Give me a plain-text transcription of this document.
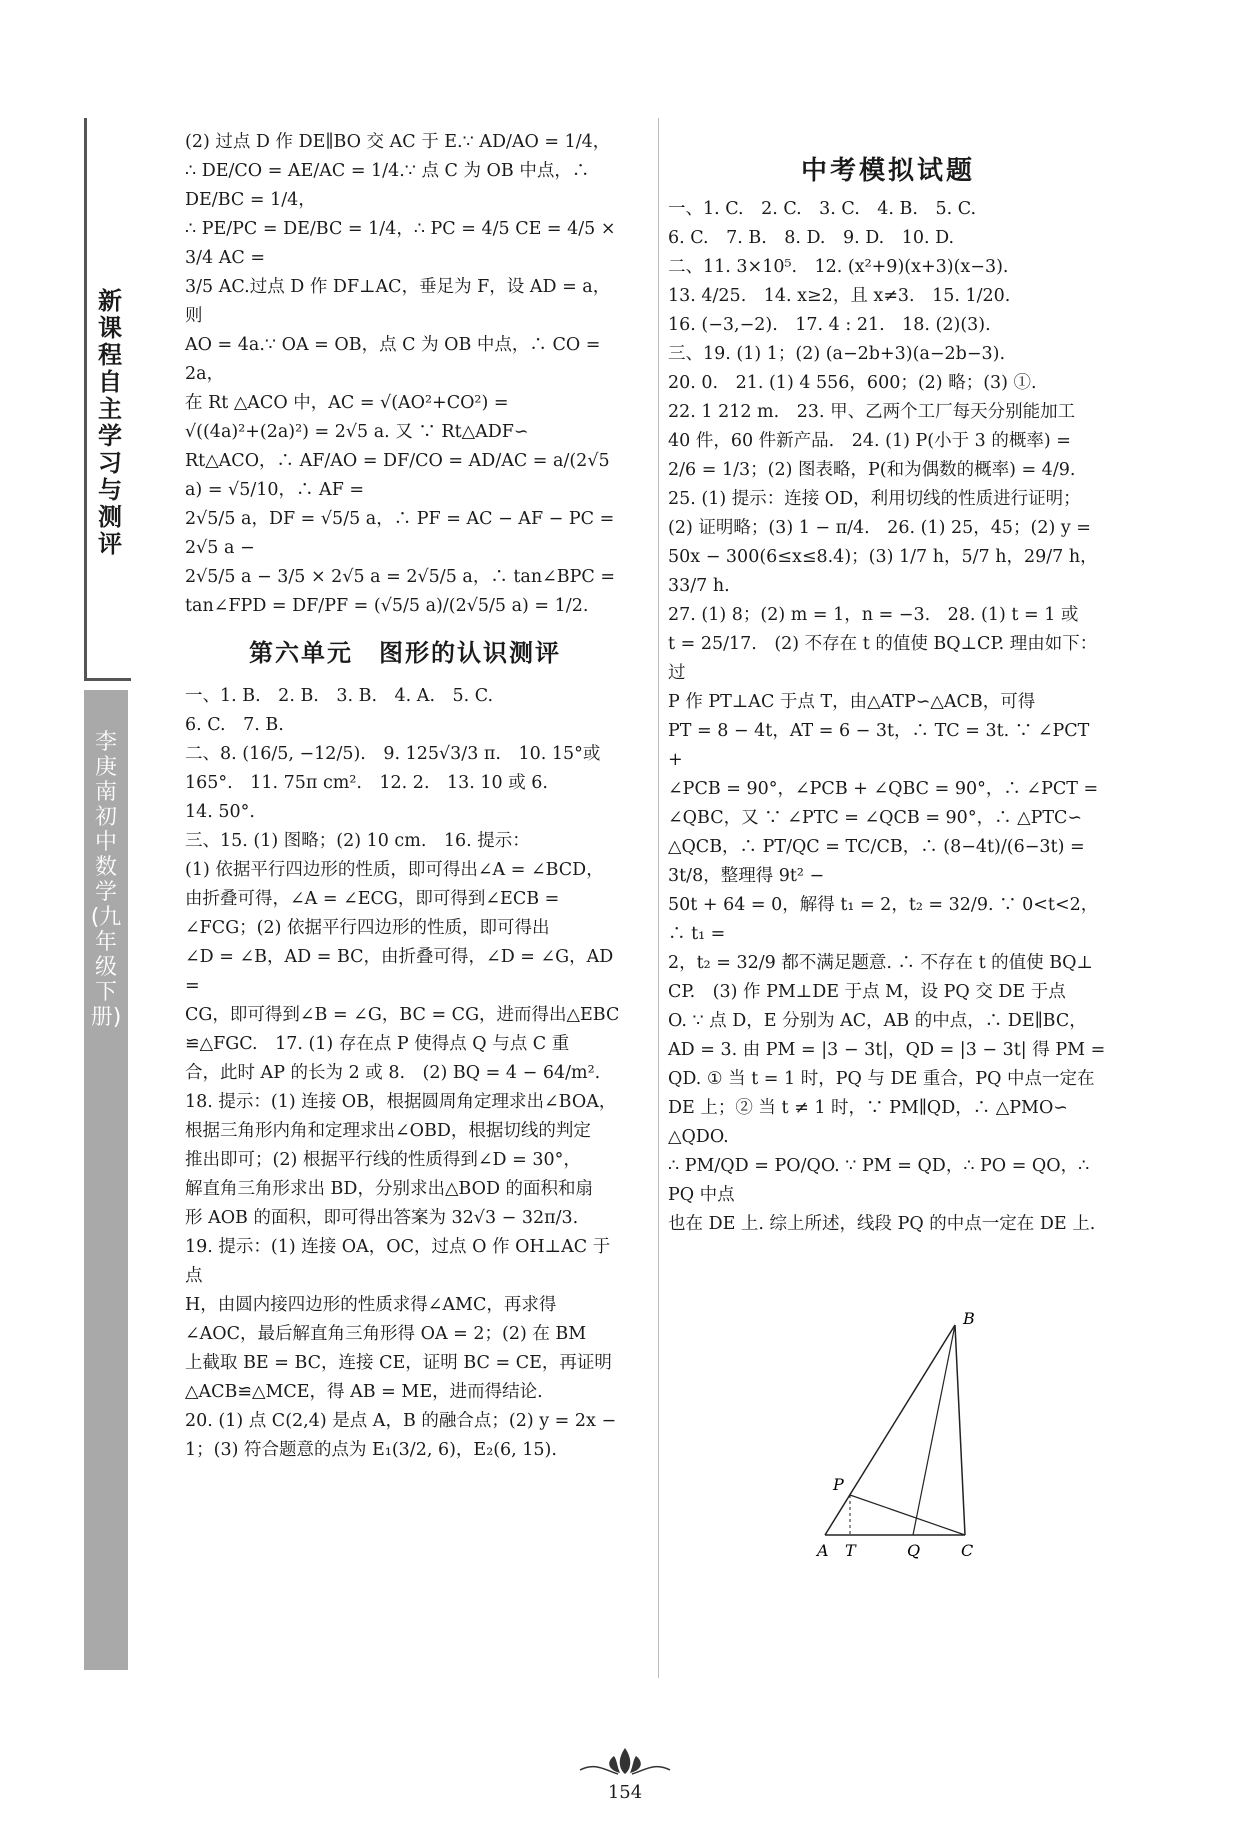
新课程自主学习与测评
李庚南初中数学(九年级下册)

(2) 过点 D 作 DE∥BO 交 AC 于 E.∵ AD/AO = 1/4，

∴ DE/CO = AE/AC = 1/4.∵ 点 C 为 OB 中点，∴ DE/BC = 1/4，

∴ PE/PC = DE/BC = 1/4，∴ PC = 4/5 CE = 4/5 × 3/4 AC =

3/5 AC.过点 D 作 DF⊥AC，垂足为 F，设 AD = a，则

AO = 4a.∵ OA = OB，点 C 为 OB 中点，∴ CO = 2a，

在 Rt △ACO 中，AC = √(AO²+CO²) =

√((4a)²+(2a)²) = 2√5 a. 又 ∵ Rt△ADF∽

Rt△ACO，∴ AF/AO = DF/CO = AD/AC = a/(2√5 a) = √5/10，∴ AF =

2√5/5 a，DF = √5/5 a，∴ PF = AC − AF − PC = 2√5 a −

2√5/5 a − 3/5 × 2√5 a = 2√5/5 a，∴ tan∠BPC =

tan∠FPD = DF/PF = (√5/5 a)/(2√5/5 a) = 1/2.

第六单元　图形的认识测评

一、1. B.　2. B.　3. B.　4. A.　5. C.

6. C.　7. B.

二、8. (16/5, −12/5).　9. 125√3/3 π.　10. 15°或

165°.　11. 75π cm².　12. 2.　13. 10 或 6.

14. 50°.

三、15. (1) 图略；(2) 10 cm.　16. 提示：

(1) 依据平行四边形的性质，即可得出∠A = ∠BCD，

由折叠可得，∠A = ∠ECG，即可得到∠ECB =

∠FCG；(2) 依据平行四边形的性质，即可得出

∠D = ∠B，AD = BC，由折叠可得，∠D = ∠G，AD =

CG，即可得到∠B = ∠G，BC = CG，进而得出△EBC

≌△FGC.　17. (1) 存在点 P 使得点 Q 与点 C 重

合，此时 AP 的长为 2 或 8.　(2) BQ = 4 − 64/m².

18. 提示：(1) 连接 OB，根据圆周角定理求出∠BOA，

根据三角形内角和定理求出∠OBD，根据切线的判定

推出即可；(2) 根据平行线的性质得到∠D = 30°，

解直角三角形求出 BD，分别求出△BOD 的面积和扇

形 AOB 的面积，即可得出答案为 32√3 − 32π/3.

19. 提示：(1) 连接 OA，OC，过点 O 作 OH⊥AC 于点

H，由圆内接四边形的性质求得∠AMC，再求得

∠AOC，最后解直角三角形得 OA = 2；(2) 在 BM

上截取 BE = BC，连接 CE，证明 BC = CE，再证明

△ACB≌△MCE，得 AB = ME，进而得结论.

20. (1) 点 C(2,4) 是点 A，B 的融合点；(2) y = 2x −

1；(3) 符合题意的点为 E₁(3/2, 6)，E₂(6, 15).

中考模拟试题

一、1. C.　2. C.　3. C.　4. B.　5. C.

6. C.　7. B.　8. D.　9. D.　10. D.

二、11. 3×10⁵.　12. (x²+9)(x+3)(x−3).

13. 4/25.　14. x≥2，且 x≠3.　15. 1/20.

16. (−3,−2).　17. 4 : 21.　18. (2)(3).

三、19. (1) 1；(2) (a−2b+3)(a−2b−3).

20. 0.　21. (1) 4 556，600；(2) 略；(3) ①.

22. 1 212 m.　23. 甲、乙两个工厂每天分别能加工

40 件，60 件新产品.　24. (1) P(小于 3 的概率) =

2/6 = 1/3；(2) 图表略，P(和为偶数的概率) = 4/9.

25. (1) 提示：连接 OD，利用切线的性质进行证明；

(2) 证明略；(3) 1 − π/4.　26. (1) 25，45；(2) y =

50x − 300(6≤x≤8.4)；(3) 1/7 h，5/7 h，29/7 h，33/7 h.

27. (1) 8；(2) m = 1，n = −3.　28. (1) t = 1 或

t = 25/17.　(2) 不存在 t 的值使 BQ⊥CP. 理由如下：过

P 作 PT⊥AC 于点 T，由△ATP∽△ACB，可得

PT = 8 − 4t，AT = 6 − 3t，∴ TC = 3t. ∵ ∠PCT +

∠PCB = 90°，∠PCB + ∠QBC = 90°，∴ ∠PCT =

∠QBC，又 ∵ ∠PTC = ∠QCB = 90°，∴ △PTC∽

△QCB，∴ PT/QC = TC/CB，∴ (8−4t)/(6−3t) = 3t/8，整理得 9t² −

50t + 64 = 0，解得 t₁ = 2，t₂ = 32/9. ∵ 0<t<2，∴ t₁ =

2，t₂ = 32/9 都不满足题意. ∴ 不存在 t 的值使 BQ⊥

CP.　(3) 作 PM⊥DE 于点 M，设 PQ 交 DE 于点

O. ∵ 点 D，E 分别为 AC，AB 的中点，∴ DE∥BC，

AD = 3. 由 PM = |3 − 3t|，QD = |3 − 3t| 得 PM =

QD. ① 当 t = 1 时，PQ 与 DE 重合，PQ 中点一定在

DE 上；② 当 t ≠ 1 时，∵ PM∥QD，∴ △PMO∽

△QDO.

∴ PM/QD = PO/QO. ∵ PM = QD，∴ PO = QO，∴ PQ 中点

也在 DE 上. 综上所述，线段 PQ 的中点一定在 DE 上.

B
P
A T	Q	C
154
